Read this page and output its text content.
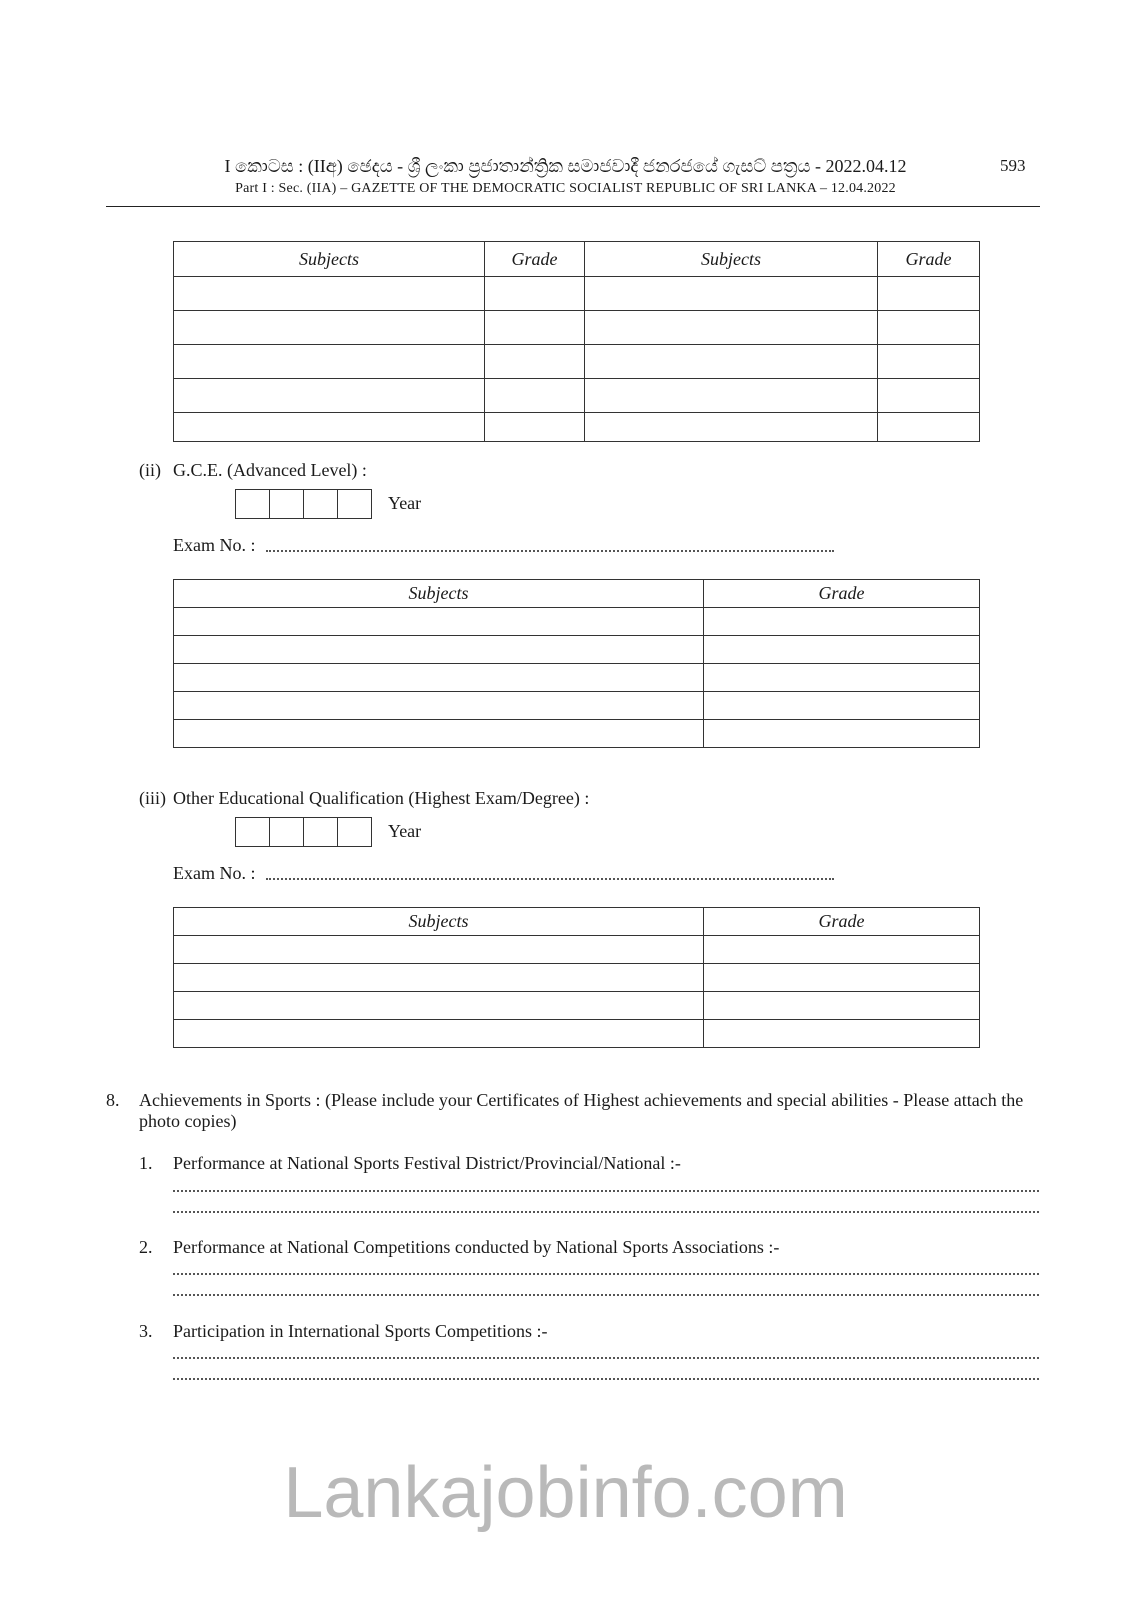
I කොටස : (IIඅ) ඡෙදය - ශ්‍රී ලංකා ප්‍රජාතාන්ත්‍රික සමාජවාදී ජනරජයේ ගැසට් පත්‍රය - 2022.04.12
Part I : Sec. (IIA) – GAZETTE OF THE DEMOCRATIC SOCIALIST REPUBLIC OF SRI LANKA – 12.04.2022
593
Subjects	Grade	Subjects	Grade

(ii) G.C.E. (Advanced Level) :
Year
Exam No. :
Subjects	Grade

(iii) Other Educational Qualification (Highest Exam/Degree) :
Year
Exam No. :
Subjects	Grade

8. Achievements in Sports : (Please include your Certificates of Highest achievements and special abilities - Please attach the photo copies)
1. Performance at National Sports Festival District/Provincial/National :-
2. Performance at National Competitions conducted by National Sports Associations :-
3. Participation in International Sports Competitions :-
Lankajobinfo.com
